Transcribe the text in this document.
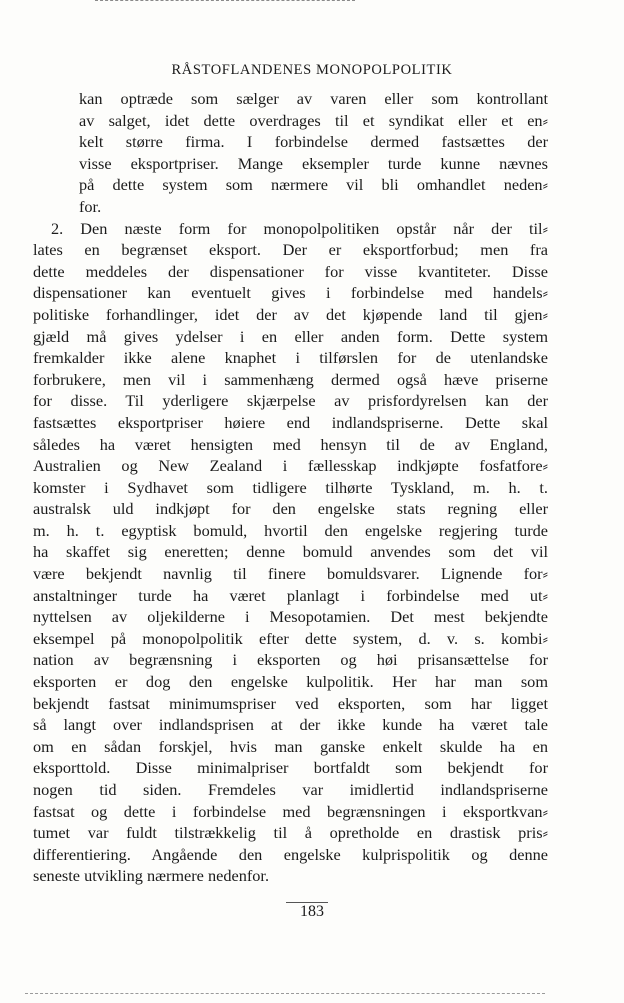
RÅSTOFLANDENES MONOPOLPOLITIK
kan optræde som sælger av varen eller som kontrollant
av salget, idet dette overdrages til et syndikat eller et en⸗
kelt større firma. I forbindelse dermed fastsættes der
visse eksportpriser. Mange eksempler turde kunne nævnes
på dette system som nærmere vil bli omhandlet neden⸗
for.
2. Den næste form for monopolpolitiken opstår når der til⸗
lates en begrænset eksport. Der er eksportforbud; men fra
dette meddeles der dispensationer for visse kvantiteter. Disse
dispensationer kan eventuelt gives i forbindelse med handels⸗
politiske forhandlinger, idet der av det kjøpende land til gjen⸗
gjæld må gives ydelser i en eller anden form. Dette system
fremkalder ikke alene knaphet i tilførslen for de utenlandske
forbrukere, men vil i sammenhæng dermed også hæve priserne
for disse. Til yderligere skjærpelse av prisfordyrelsen kan der
fastsættes eksportpriser høiere end indlandspriserne. Dette skal
således ha været hensigten med hensyn til de av England,
Australien og New Zealand i fællesskap indkjøpte fosfatfore⸗
komster i Sydhavet som tidligere tilhørte Tyskland, m. h. t.
australsk uld indkjøpt for den engelske stats regning eller
m. h. t. egyptisk bomuld, hvortil den engelske regjering turde
ha skaffet sig eneretten; denne bomuld anvendes som det vil
være bekjendt navnlig til finere bomuldsvarer. Lignende for⸗
anstaltninger turde ha været planlagt i forbindelse med ut⸗
nyttelsen av oljekilderne i Mesopotamien. Det mest bekjendte
eksempel på monopolpolitik efter dette system, d. v. s. kombi⸗
nation av begrænsning i eksporten og høi prisansættelse for
eksporten er dog den engelske kulpolitik. Her har man som
bekjendt fastsat minimumspriser ved eksporten, som har ligget
så langt over indlandsprisen at der ikke kunde ha været tale
om en sådan forskjel, hvis man ganske enkelt skulde ha en
eksporttold. Disse minimalpriser bortfaldt som bekjendt for
nogen tid siden. Fremdeles var imidlertid indlandspriserne
fastsat og dette i forbindelse med begrænsningen i eksportkvan⸗
tumet var fuldt tilstrækkelig til å opretholde en drastisk pris⸗
differentiering. Angående den engelske kulprispolitik og denne
seneste utvikling nærmere nedenfor.
183
